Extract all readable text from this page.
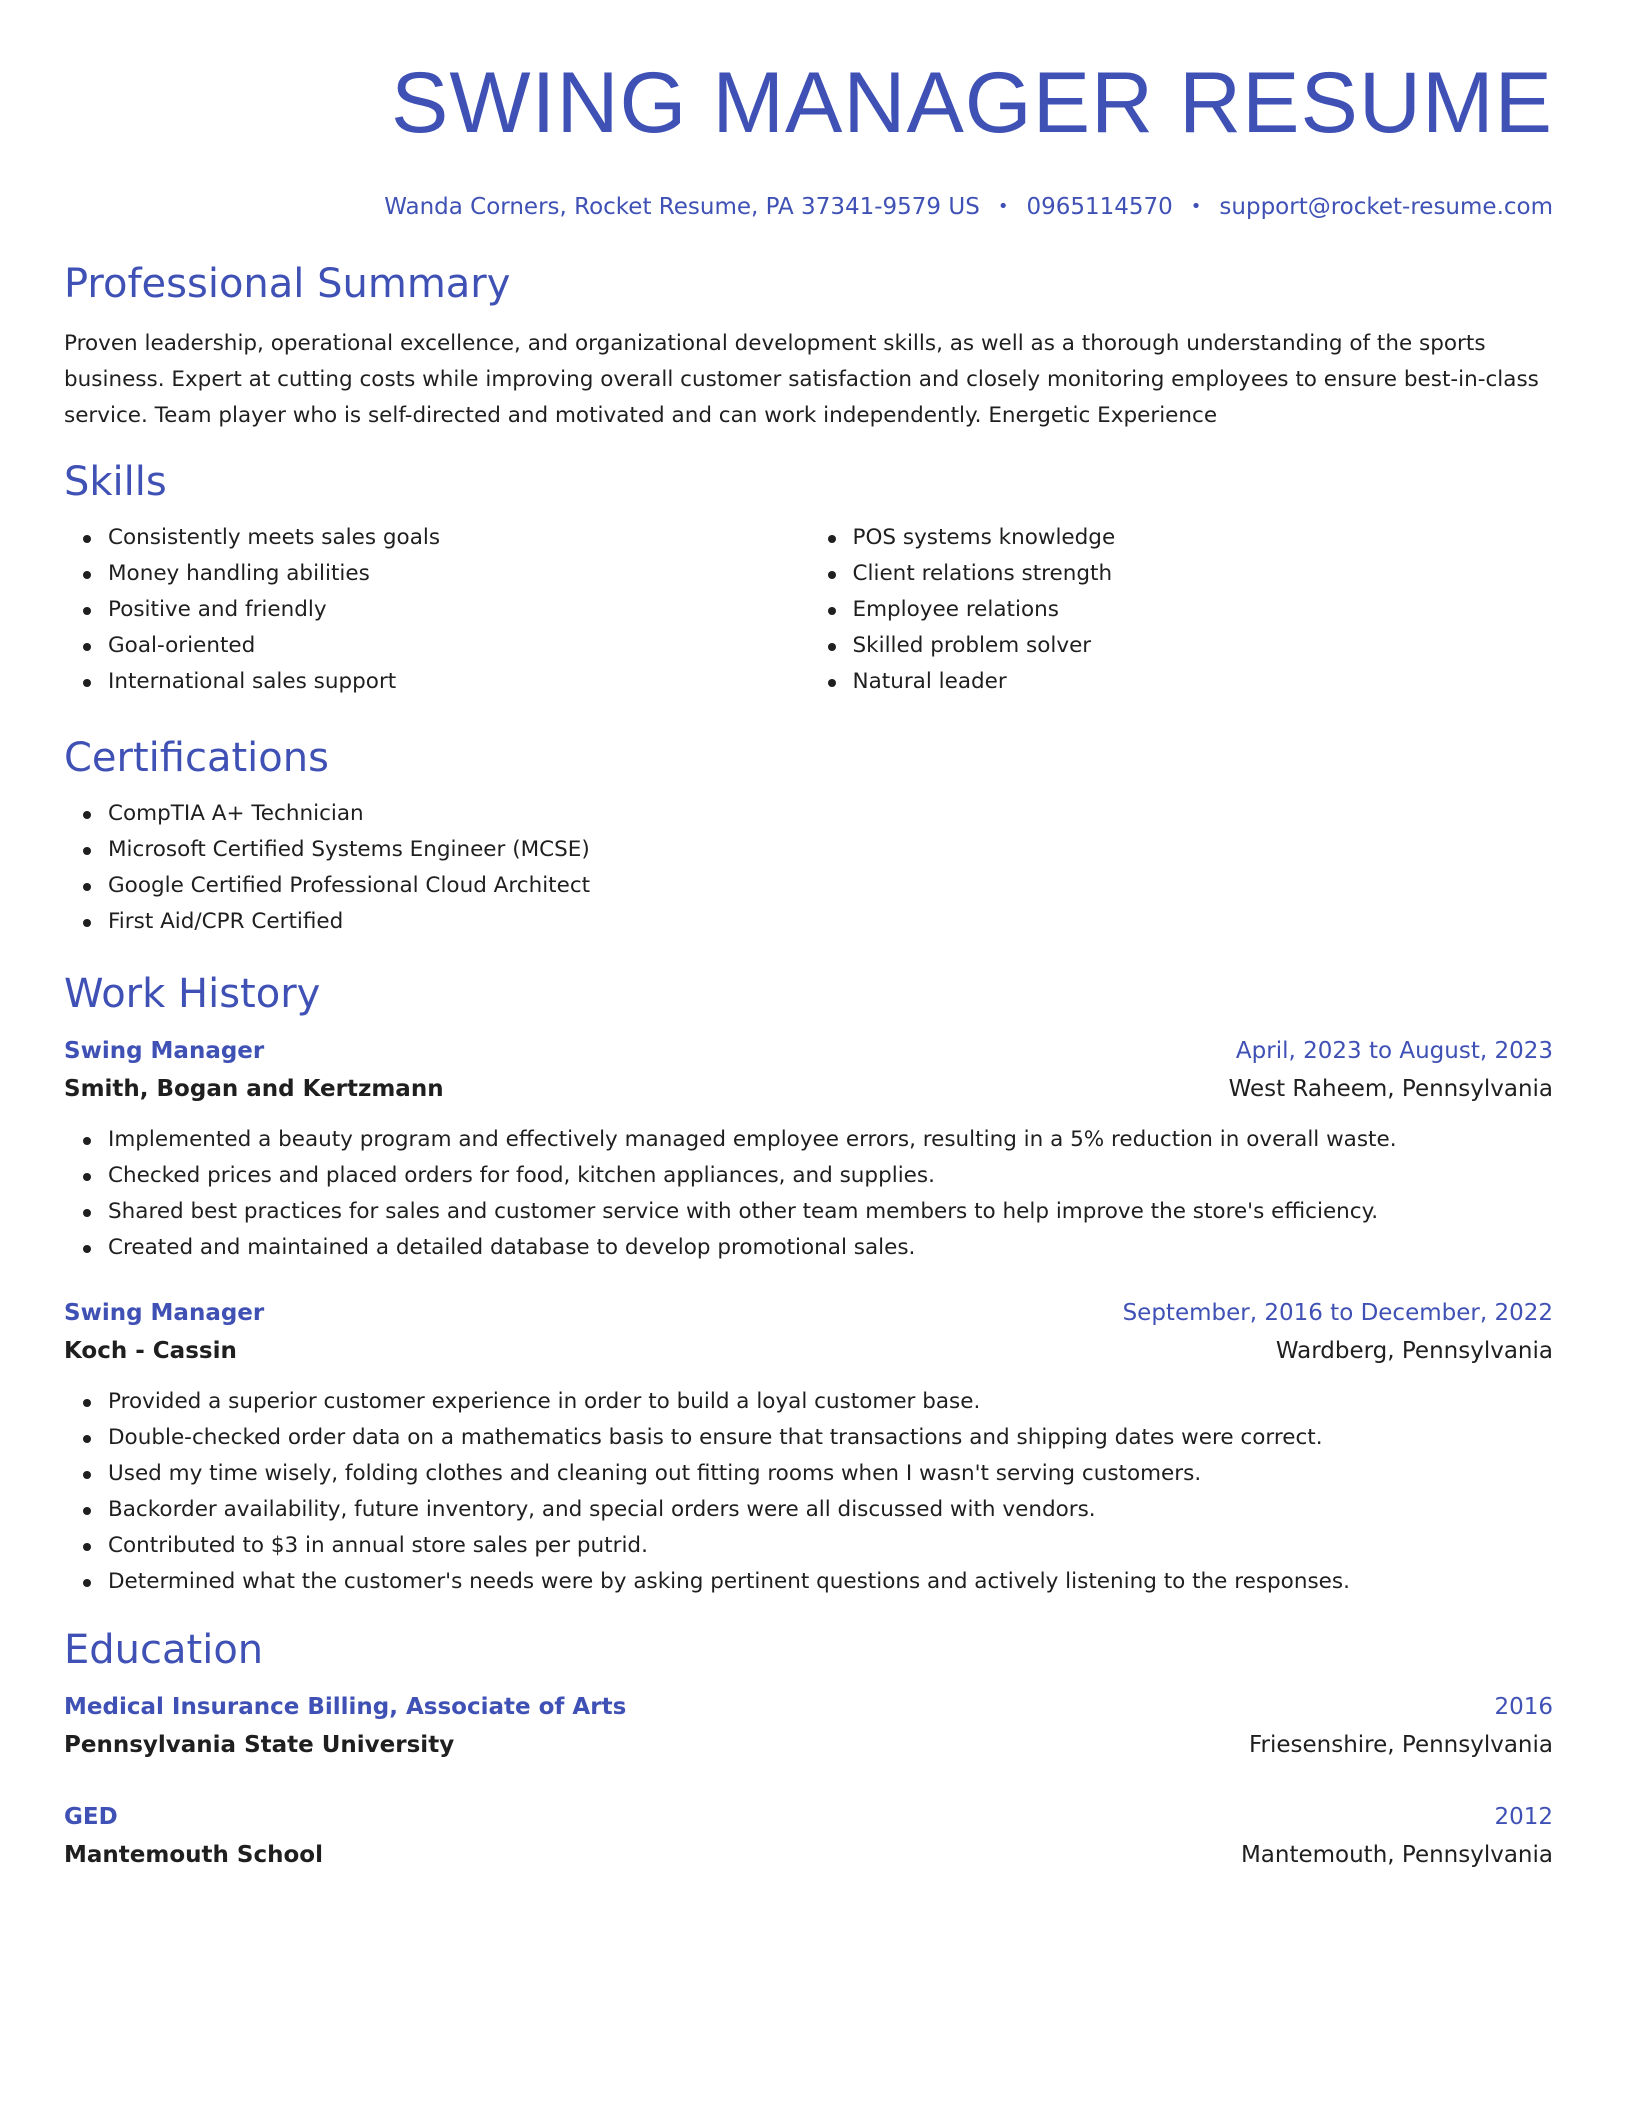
SWING MANAGER RESUME
Wanda Corners, Rocket Resume, PA 37341-9579 US • 0965114570 • support@rocket-resume.com
Professional Summary

Proven leadership, operational excellence, and organizational development skills, as well as a thorough understanding of the sports business. Expert at cutting costs while improving overall customer satisfaction and closely monitoring employees to ensure best-in-class service. Team player who is self-directed and motivated and can work independently. Energetic Experience

Skills
Consistently meets sales goals
Money handling abilities
Positive and friendly
Goal-oriented
International sales support
POS systems knowledge
Client relations strength
Employee relations
Skilled problem solver
Natural leader
Certifications
CompTIA A+ Technician
Microsoft Certified Systems Engineer (MCSE)
Google Certified Professional Cloud Architect
First Aid/CPR Certified
Work History
Swing Manager	April, 2023 to August, 2023
Smith, Bogan and Kertzmann	West Raheem, Pennsylvania
Implemented a beauty program and effectively managed employee errors, resulting in a 5% reduction in overall waste.
Checked prices and placed orders for food, kitchen appliances, and supplies.
Shared best practices for sales and customer service with other team members to help improve the store's efficiency.
Created and maintained a detailed database to develop promotional sales.
Swing Manager	September, 2016 to December, 2022
Koch - Cassin	Wardberg, Pennsylvania
Provided a superior customer experience in order to build a loyal customer base.
Double-checked order data on a mathematics basis to ensure that transactions and shipping dates were correct.
Used my time wisely, folding clothes and cleaning out fitting rooms when I wasn't serving customers.
Backorder availability, future inventory, and special orders were all discussed with vendors.
Contributed to $3 in annual store sales per putrid.
Determined what the customer's needs were by asking pertinent questions and actively listening to the responses.
Education
Medical Insurance Billing, Associate of Arts	2016
Pennsylvania State University	Friesenshire, Pennsylvania
GED	2012
Mantemouth School	Mantemouth, Pennsylvania
